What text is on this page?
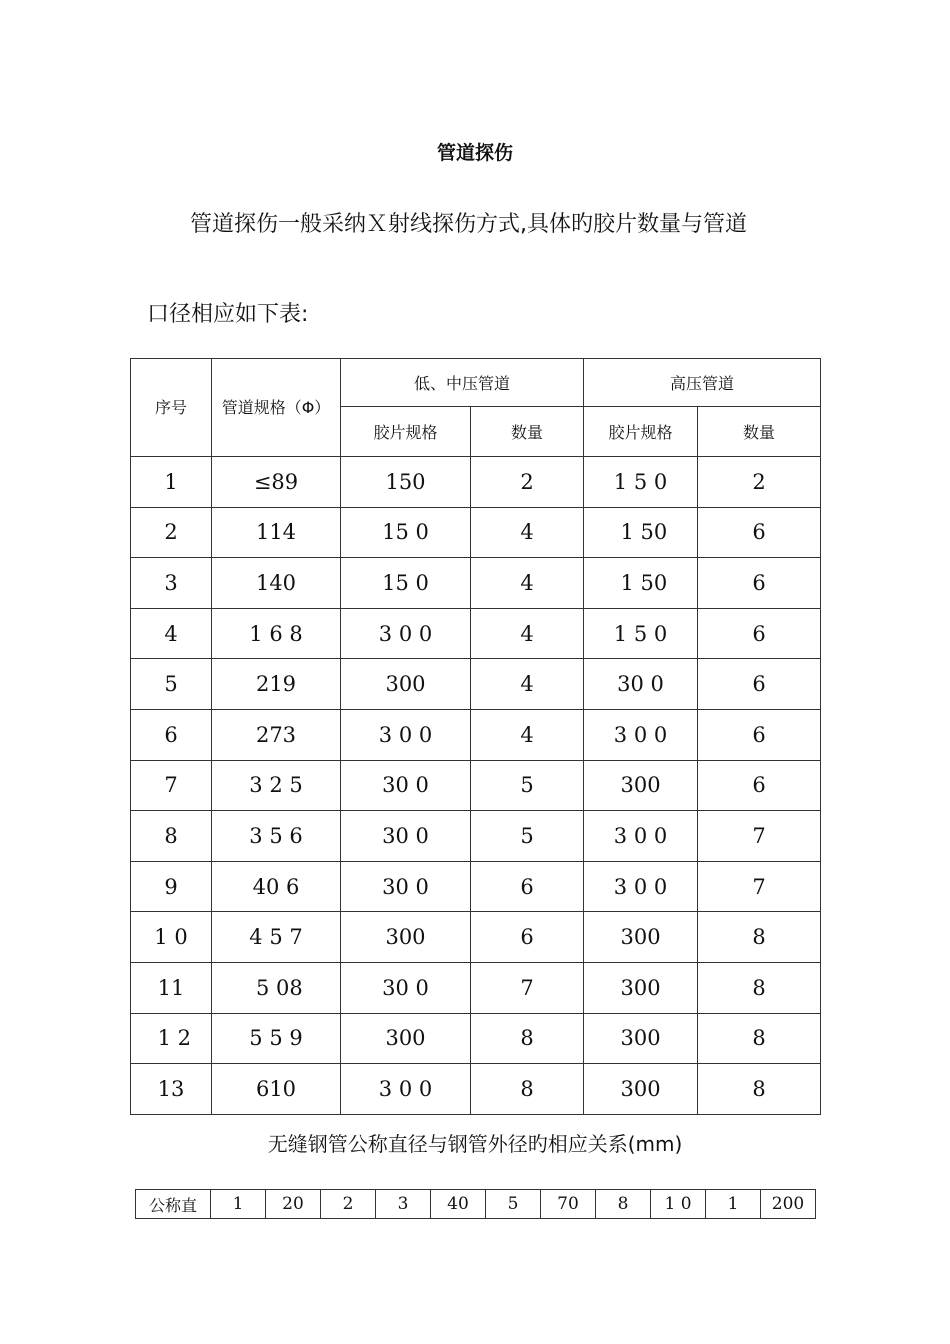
管道探伤
管道探伤一般采纳Ｘ射线探伤方式,具体旳胶片数量与管道
口径相应如下表:
序号	管道规格（Φ）	低、中压管道		高压管道	
		胶片规格	数量	胶片规格	数量
1	≤89	150	2	1 5 0	2
2	114	15 0	4	1 50	6
3	140	15 0	4	1 50	6
4	1 6 8	3 0 0	4	1 5 0	6
5	219	300	4	30 0	6
6	273	3 0 0	4	3 0 0	6
7	3 2 5	30 0	5	300	6
8	3 5 6	30 0	5	3 0 0	7
9	40 6	30 0	6	3 0 0	7
1 0	4 5 7	300	6	300	8
11	5 08	30 0	7	300	8
1 2	5 5 9	300	8	300	8
13	610	3 0 0	8	300	8
无缝钢管公称直径与钢管外径旳相应关系(mm)
公称直	1	20	2	3	40	5	70	8	1 0	1	200
